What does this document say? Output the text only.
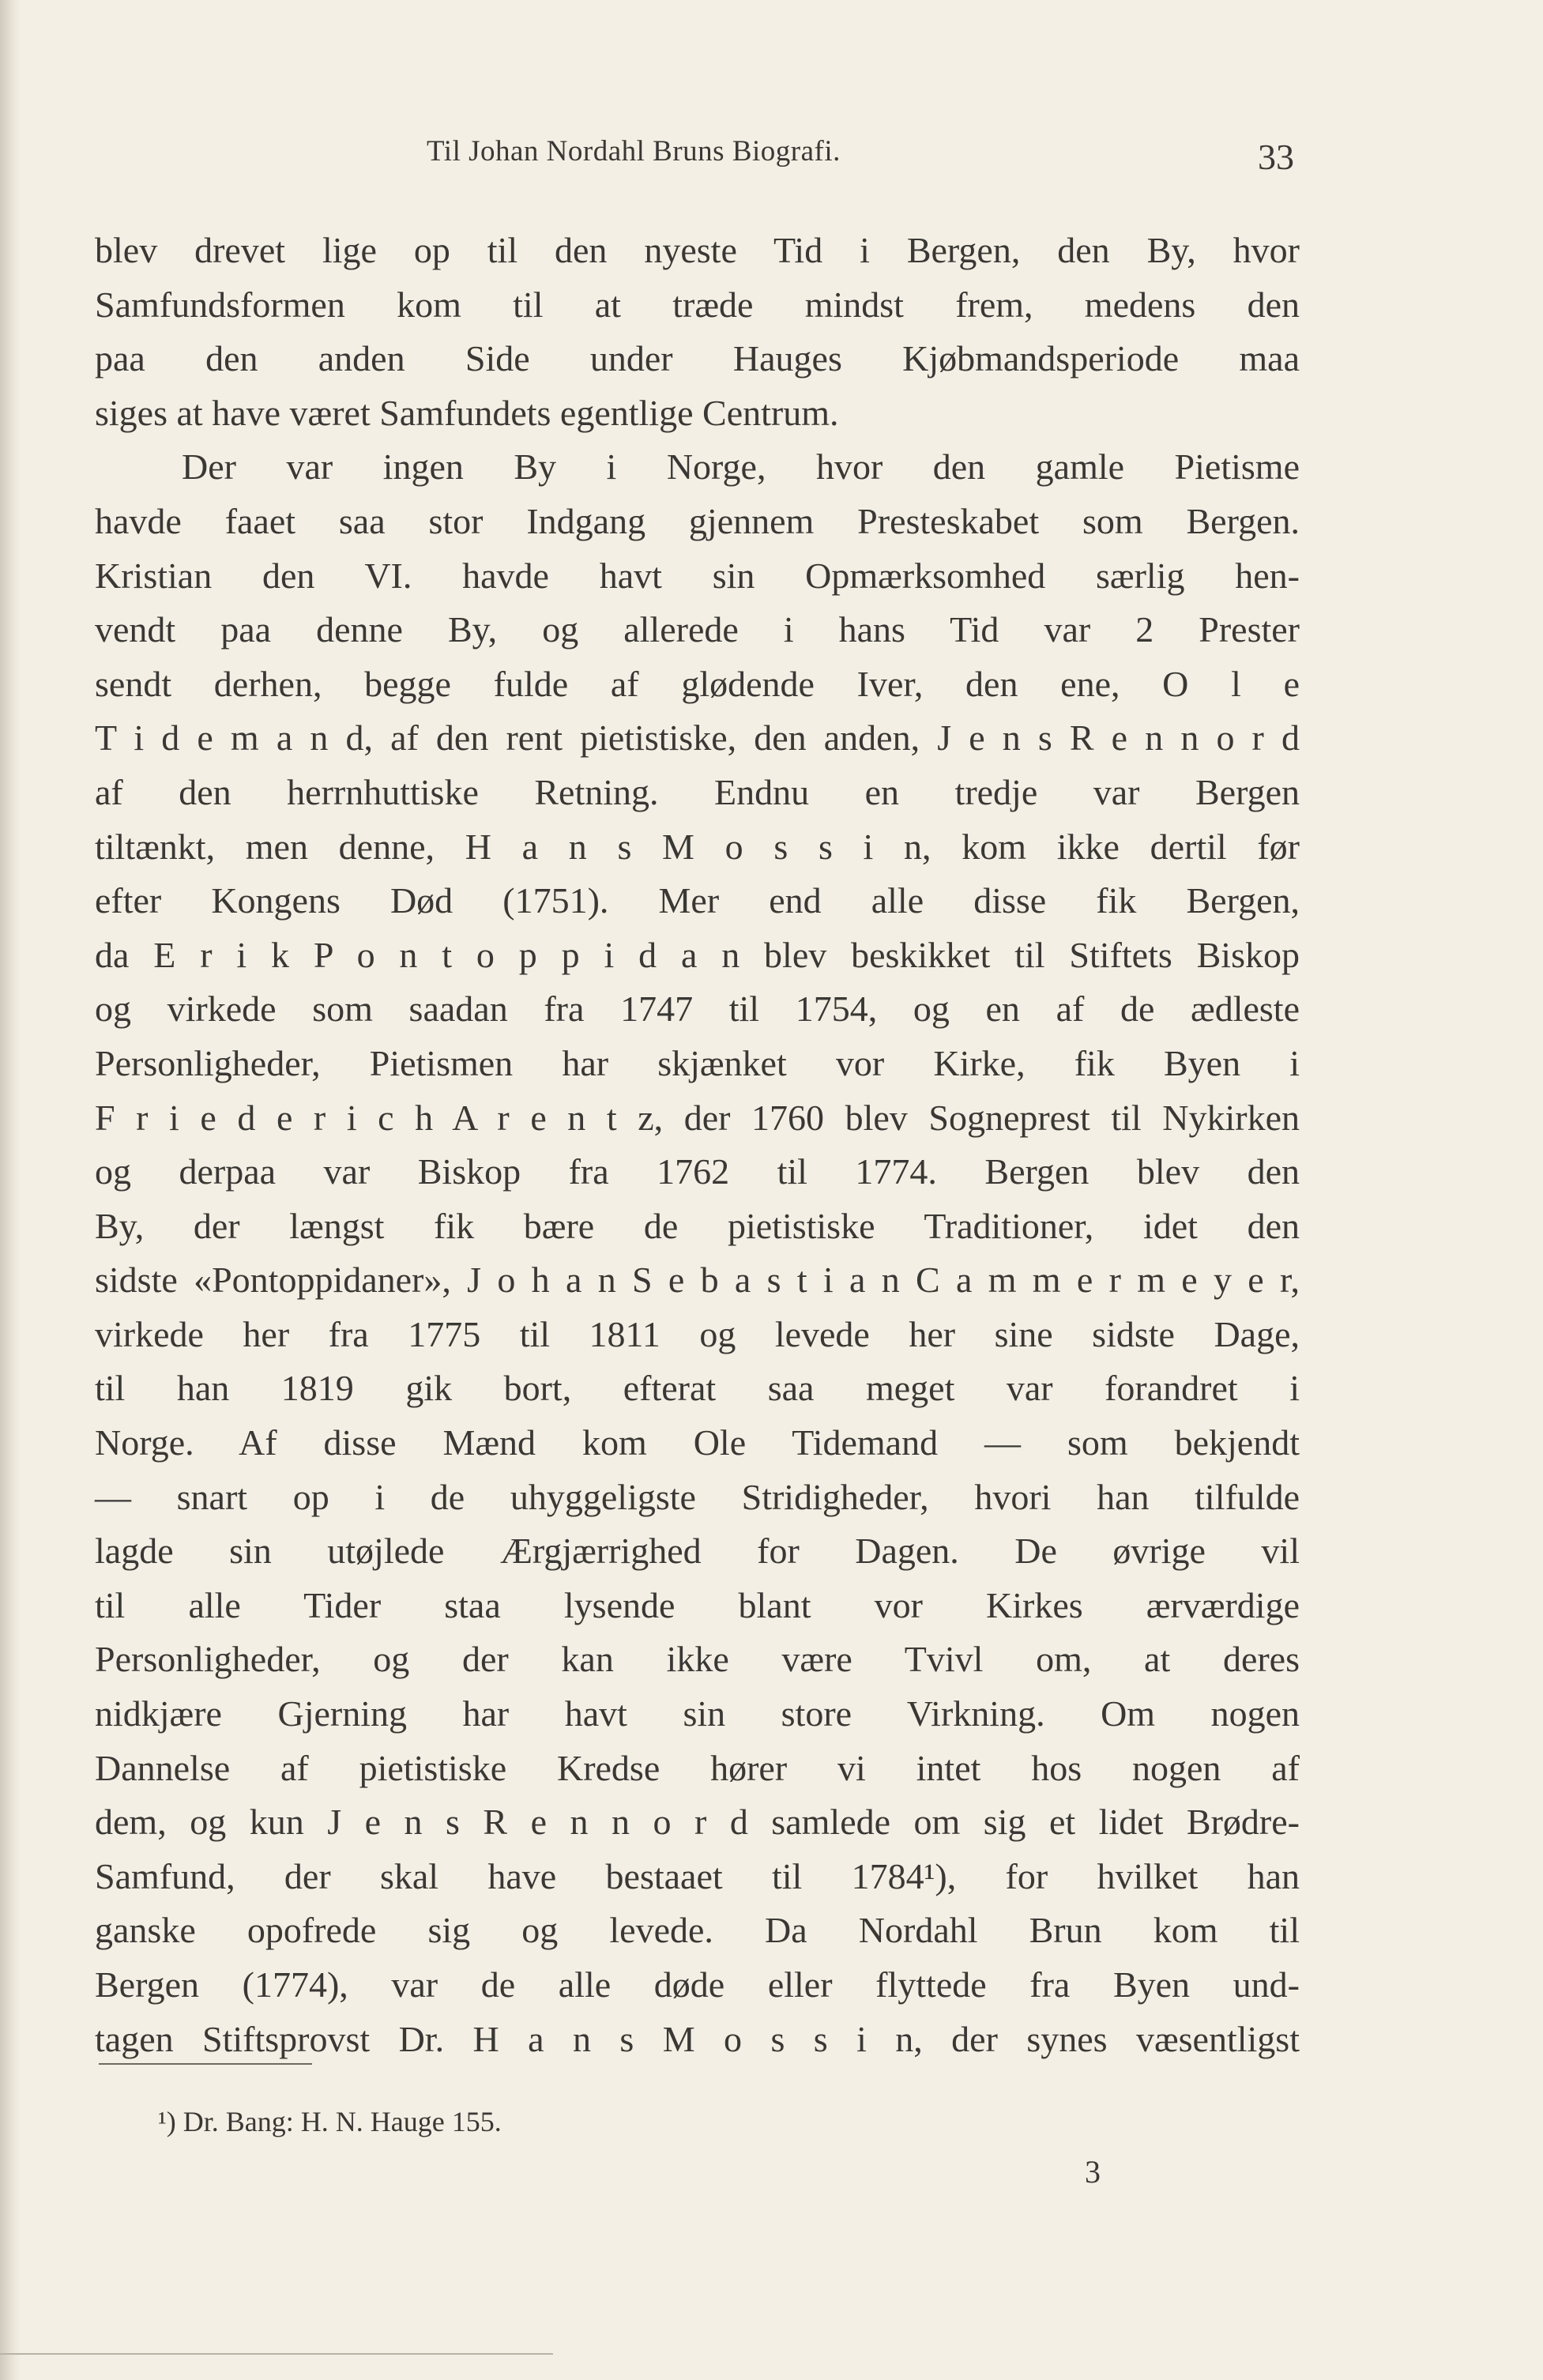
Til Johan Nordahl Bruns Biografi.	33
blev drevet lige op til den nyeste Tid i Bergen, den By, hvor
Samfundsformen kom til at træde mindst frem, medens den
paa den anden Side under Hauges Kjøbmandsperiode maa
siges at have været Samfundets egentlige Centrum.
Der var ingen By i Norge, hvor den gamle Pietisme
havde faaet saa stor Indgang gjennem Presteskabet som Bergen.
Kristian den VI. havde havt sin Opmærksomhed særlig hen-
vendt paa denne By, og allerede i hans Tid var 2 Prester
sendt derhen, begge fulde af glødende Iver, den ene, O l e
T i d e m a n d, af den rent pietistiske, den anden, J e n s R e n n o r d
af den herrnhuttiske Retning. Endnu en tredje var Bergen
tiltænkt, men denne, H a n s M o s s i n, kom ikke dertil før
efter Kongens Død (1751). Mer end alle disse fik Bergen,
da E r i k P o n t o p p i d a n blev beskikket til Stiftets Biskop
og virkede som saadan fra 1747 til 1754, og en af de ædleste
Personligheder, Pietismen har skjænket vor Kirke, fik Byen i
F r i e d e r i c h A r e n t z, der 1760 blev Sogneprest til Nykirken
og derpaa var Biskop fra 1762 til 1774. Bergen blev den
By, der længst fik bære de pietistiske Traditioner, idet den
sidste «Pontoppidaner», J o h a n S e b a s t i a n C a m m e r m e y e r,
virkede her fra 1775 til 1811 og levede her sine sidste Dage,
til han 1819 gik bort, efterat saa meget var forandret i
Norge. Af disse Mænd kom Ole Tidemand — som bekjendt
— snart op i de uhyggeligste Stridigheder, hvori han tilfulde
lagde sin utøjlede Ærgjærrighed for Dagen. De øvrige vil
til alle Tider staa lysende blant vor Kirkes ærværdige
Personligheder, og der kan ikke være Tvivl om, at deres
nidkjære Gjerning har havt sin store Virkning. Om nogen
Dannelse af pietistiske Kredse hører vi intet hos nogen af
dem, og kun J e n s R e n n o r d samlede om sig et lidet Brødre-
Samfund, der skal have bestaaet til 1784¹), for hvilket han
ganske opofrede sig og levede. Da Nordahl Brun kom til
Bergen (1774), var de alle døde eller flyttede fra Byen und-
tagen Stiftsprovst Dr. H a n s M o s s i n, der synes væsentligst
¹) Dr. Bang: H. N. Hauge 155.
3
